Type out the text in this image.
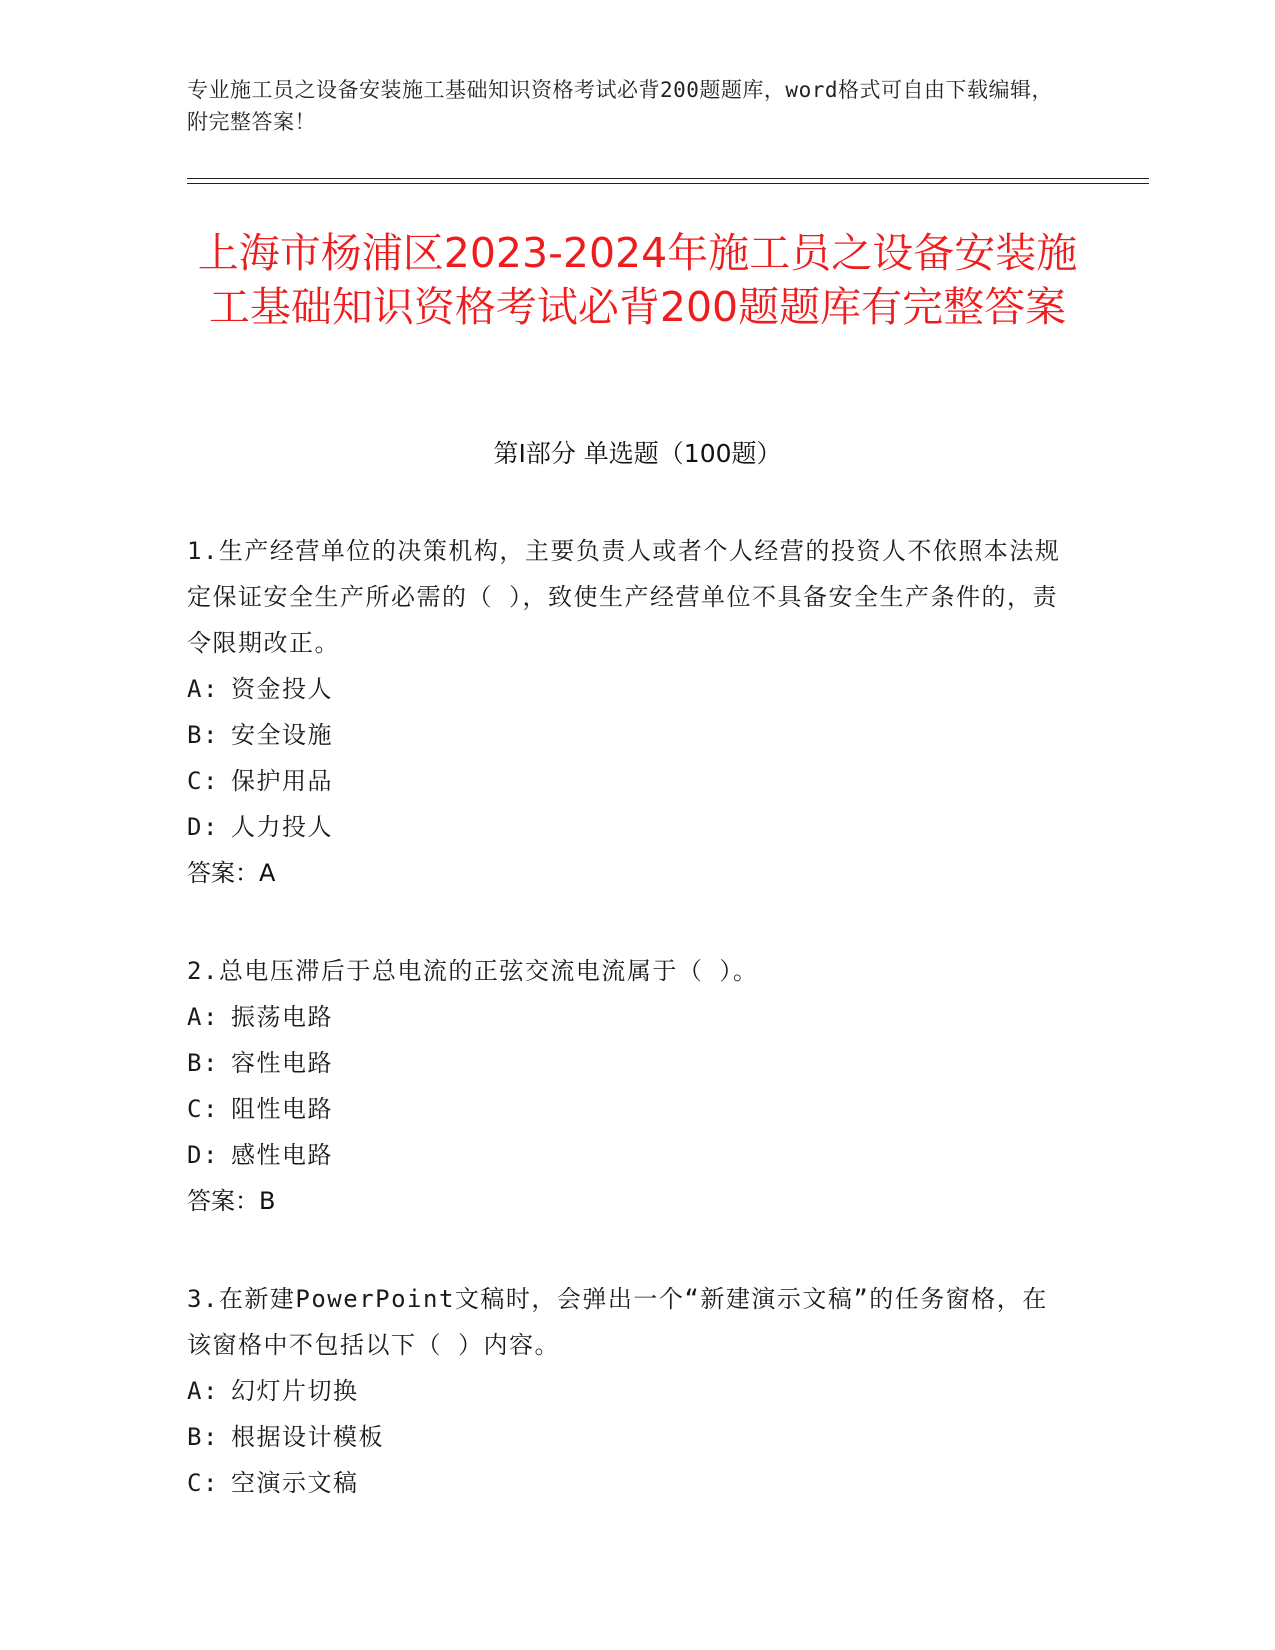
专业施工员之设备安装施工基础知识资格考试必背200题题库，word格式可自由下载编辑，附完整答案！
上海市杨浦区2023-2024年施工员之设备安装施工基础知识资格考试必背200题题库有完整答案
第I部分 单选题（100题）

1.生产经营单位的决策机构，主要负责人或者个人经营的投资人不依照本法规定保证安全生产所必需的（ ），致使生产经营单位不具备安全生产条件的，责令限期改正。

A: 资金投人
B: 安全设施
C: 保护用品
D: 人力投人
答案：A

2.总电压滞后于总电流的正弦交流电流属于（ ）。

A: 振荡电路
B: 容性电路
C: 阻性电路
D: 感性电路
答案：B

3.在新建PowerPoint文稿时，会弹出一个“新建演示文稿”的任务窗格，在该窗格中不包括以下（ ）内容。

A: 幻灯片切换
B: 根据设计模板
C: 空演示文稿
